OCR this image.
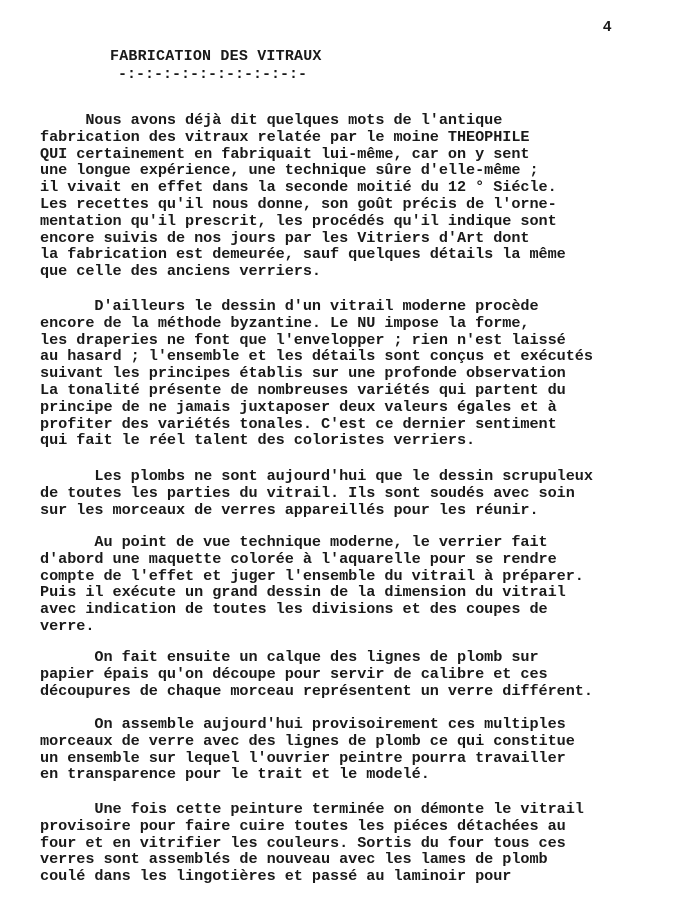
4
FABRICATION DES VITRAUX
-:-:-:-:-:-:-:-:-:-:-
Nous avons déjà dit quelques mots de l'antique
fabrication des vitraux relatée par le moine THEOPHILE
QUI certainement en fabriquait lui-même, car on y sent
une longue expérience, une technique sûre d'elle-même ;
il vivait en effet dans la seconde moitié du 12 ° Siécle.
Les recettes qu'il nous donne, son goût précis de l'orne-
mentation qu'il prescrit, les procédés qu'il indique sont
encore suivis de nos jours par les Vitriers d'Art dont
la fabrication est demeurée, sauf quelques détails la même
que celle des anciens verriers.
D'ailleurs le dessin d'un vitrail moderne procède
encore de la méthode byzantine. Le NU impose la forme,
les draperies ne font que l'envelopper ; rien n'est laissé
au hasard ; l'ensemble et les détails sont conçus et exécutés
suivant les principes établis sur une profonde observation
La tonalité présente de nombreuses variétés qui partent du
principe de ne jamais juxtaposer deux valeurs égales et à
profiter des variétés tonales. C'est ce dernier sentiment
qui fait le réel talent des coloristes verriers.
Les plombs ne sont aujourd'hui que le dessin scrupuleux
de toutes les parties du vitrail. Ils sont soudés avec soin
sur les morceaux de verres appareillés pour les réunir.
Au point de vue technique moderne, le verrier fait
d'abord une maquette colorée à l'aquarelle pour se rendre
compte de l'effet et juger l'ensemble du vitrail à préparer.
Puis il exécute un grand dessin de la dimension du vitrail
avec indication de toutes les divisions et des coupes de
verre.
On fait ensuite un calque des lignes de plomb sur
papier épais qu'on découpe pour servir de calibre et ces
découpures de chaque morceau représentent un verre différent.
On assemble aujourd'hui provisoirement ces multiples
morceaux de verre avec des lignes de plomb ce qui constitue
un ensemble sur lequel l'ouvrier peintre pourra travailler
en transparence pour le trait et le modelé.
Une fois cette peinture terminée on démonte le vitrail
provisoire pour faire cuire toutes les piéces détachées au
four et en vitrifier les couleurs. Sortis du four tous ces
verres sont assemblés de nouveau avec les lames de plomb
coulé dans les lingotières et passé au laminoir pour
